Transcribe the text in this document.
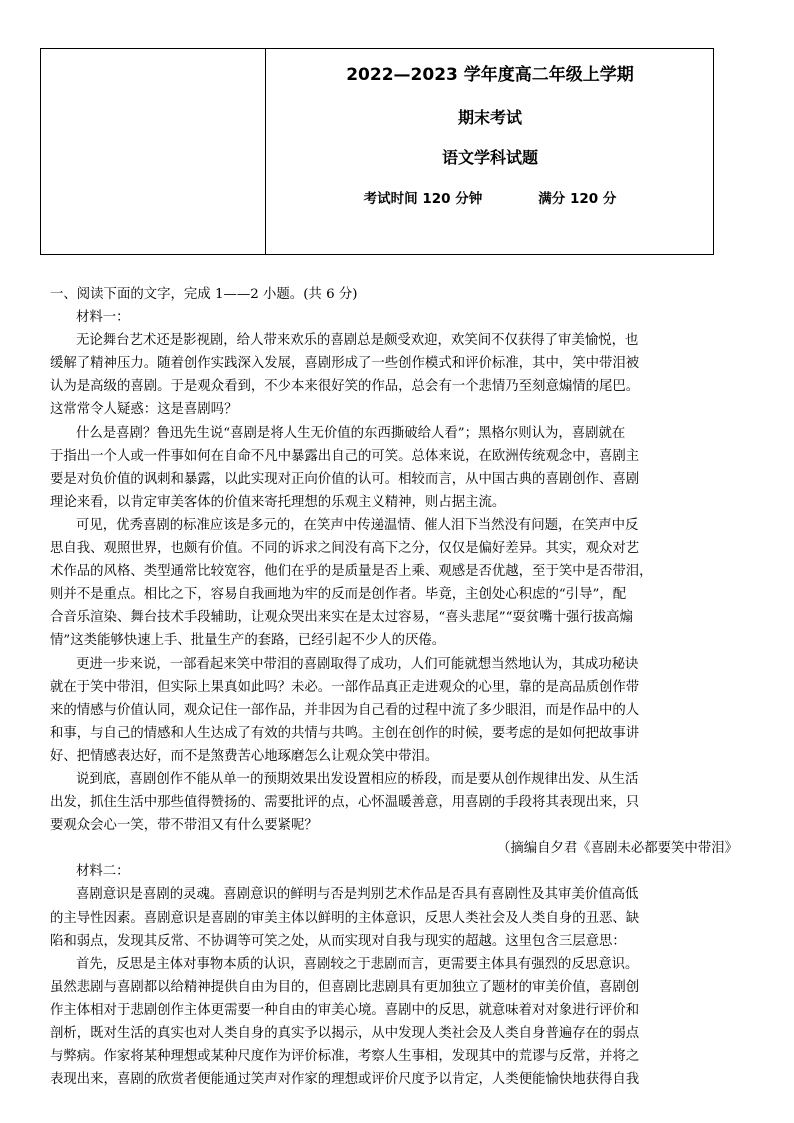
2022—2023 学年度高二年级上学期
期末考试
语文学科试题
考试时间 120 分钟	满分 120 分
一、阅读下面的文字，完成 1——2 小题。(共 6 分)
材料一：
无论舞台艺术还是影视剧，给人带来欢乐的喜剧总是颇受欢迎，欢笑间不仅获得了审美愉悦，也
缓解了精神压力。随着创作实践深入发展，喜剧形成了一些创作模式和评价标准，其中，笑中带泪被
认为是高级的喜剧。于是观众看到，不少本来很好笑的作品，总会有一个悲情乃至刻意煽情的尾巴。
这常常令人疑惑：这是喜剧吗？
什么是喜剧？鲁迅先生说“喜剧是将人生无价值的东西撕破给人看”；黑格尔则认为，喜剧就在
于指出一个人或一件事如何在自命不凡中暴露出自己的可笑。总体来说，在欧洲传统观念中，喜剧主
要是对负价值的讽刺和暴露，以此实现对正向价值的认可。相较而言，从中国古典的喜剧创作、喜剧
理论来看，以肯定审美客体的价值来寄托理想的乐观主义精神，则占据主流。
可见，优秀喜剧的标准应该是多元的，在笑声中传递温情、催人泪下当然没有问题，在笑声中反
思自我、观照世界，也颇有价值。不同的诉求之间没有高下之分，仅仅是偏好差异。其实，观众对艺
术作品的风格、类型通常比较宽容，他们在乎的是质量是否上乘、观感是否优越，至于笑中是否带泪，
则并不是重点。相比之下，容易自我画地为牢的反而是创作者。毕竟，主创处心积虑的“引导”，配
合音乐渲染、舞台技术手段辅助，让观众哭出来实在是太过容易，“喜头悲尾”“耍贫嘴十强行拔高煽
情”这类能够快速上手、批量生产的套路，已经引起不少人的厌倦。
更进一步来说，一部看起来笑中带泪的喜剧取得了成功，人们可能就想当然地认为，其成功秘诀
就在于笑中带泪，但实际上果真如此吗？未必。一部作品真正走进观众的心里，靠的是高品质创作带
来的情感与价值认同，观众记住一部作品，并非因为自己看的过程中流了多少眼泪，而是作品中的人
和事，与自己的情感和人生达成了有效的共情与共鸣。主创在创作的时候，要考虑的是如何把故事讲
好、把情感表达好，而不是煞费苦心地琢磨怎么让观众笑中带泪。
说到底，喜剧创作不能从单一的预期效果出发设置相应的桥段，而是要从创作规律出发、从生活
出发，抓住生活中那些值得赞扬的、需要批评的点，心怀温暖善意，用喜剧的手段将其表现出来，只
要观众会心一笑，带不带泪又有什么要紧呢？
（摘编自夕君《喜剧未必都要笑中带泪》
材料二：
喜剧意识是喜剧的灵魂。喜剧意识的鲜明与否是判别艺术作品是否具有喜剧性及其审美价值高低
的主导性因素。喜剧意识是喜剧的审美主体以鲜明的主体意识，反思人类社会及人类自身的丑恶、缺
陷和弱点，发现其反常、不协调等可笑之处，从而实现对自我与现实的超越。这里包含三层意思：
首先，反思是主体对事物本质的认识，喜剧较之于悲剧而言，更需要主体具有强烈的反思意识。
虽然悲剧与喜剧都以给精神提供自由为目的，但喜剧比悲剧具有更加独立了题材的审美价值，喜剧创
作主体相对于悲剧创作主体更需要一种自由的审美心境。喜剧中的反思，就意味着对对象进行评价和
剖析，既对生活的真实也对人类自身的真实予以揭示，从中发现人类社会及人类自身普遍存在的弱点
与弊病。作家将某种理想或某种尺度作为评价标准，考察人生事相，发现其中的荒谬与反常，并将之
表现出来，喜剧的欣赏者便能通过笑声对作家的理想或评价尺度予以肯定，人类便能愉快地获得自我
